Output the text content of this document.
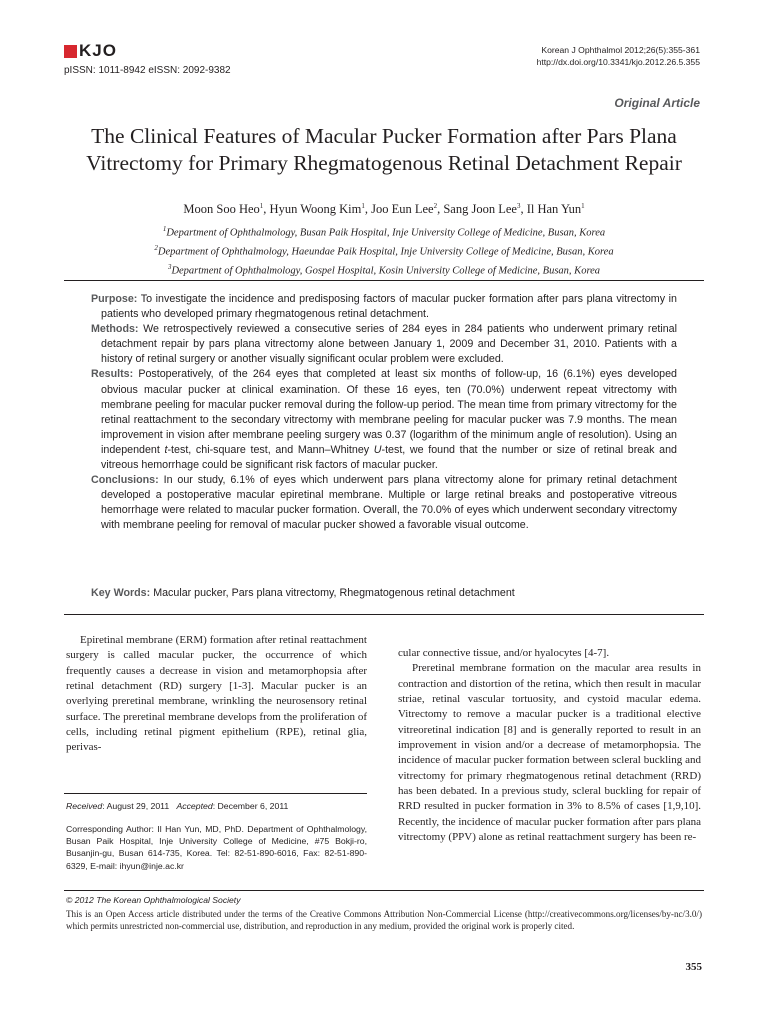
KJO
pISSN: 1011-8942 eISSN: 2092-9382
Korean J Ophthalmol 2012;26(5):355-361
http://dx.doi.org/10.3341/kjo.2012.26.5.355
Original Article
The Clinical Features of Macular Pucker Formation after Pars Plana
Vitrectomy for Primary Rhegmatogenous Retinal Detachment Repair
Moon Soo Heo$^1$, Hyun Woong Kim$^1$, Joo Eun Lee$^2$, Sang Joon Lee$^3$, Il Han Yun$^1$
$^1$Department of Ophthalmology, Busan Paik Hospital, Inje University College of Medicine, Busan, Korea
$^2$Department of Ophthalmology, Haeundae Paik Hospital, Inje University College of Medicine, Busan, Korea
$^3$Department of Ophthalmology, Gospel Hospital, Kosin University College of Medicine, Busan, Korea

Purpose: To investigate the incidence and predisposing factors of macular pucker formation after pars plana vitrectomy in patients who developed primary rhegmatogenous retinal detachment.

Methods: We retrospectively reviewed a consecutive series of 284 eyes in 284 patients who underwent primary retinal detachment repair by pars plana vitrectomy alone between January 1, 2009 and December 31, 2010. Patients with a history of retinal surgery or another visually significant ocular problem were excluded.

Results: Postoperatively, of the 264 eyes that completed at least six months of follow-up, 16 (6.1%) eyes developed obvious macular pucker at clinical examination. Of these 16 eyes, ten (70.0%) underwent repeat vitrectomy with membrane peeling for macular pucker removal during the follow-up period. The mean time from primary vitrectomy for the retinal reattachment to the secondary vitrectomy with membrane peeling for macular pucker was 7.9 months. The mean improvement in vision after membrane peeling surgery was 0.37 (logarithm of the minimum angle of resolution). Using an independent t-test, chi-square test, and Mann–Whitney U-test, we found that the number or size of retinal break and vitreous hemorrhage could be significant risk factors of macular pucker.

Conclusions: In our study, 6.1% of eyes which underwent pars plana vitrectomy alone for primary retinal detachment developed a postoperative macular epiretinal membrane. Multiple or large retinal breaks and postoperative vitreous hemorrhage were related to macular pucker formation. Overall, the 70.0% of eyes which underwent secondary vitrectomy with membrane peeling for removal of macular pucker showed a favorable visual outcome.

Key Words: Macular pucker, Pars plana vitrectomy, Rhegmatogenous retinal detachment

Epiretinal membrane (ERM) formation after retinal reattachment surgery is called macular pucker, the occurrence of which frequently causes a decrease in vision and metamorphopsia after retinal detachment (RD) surgery [1-3]. Macular pucker is an overlying preretinal membrane, wrinkling the neurosensory retinal surface. The preretinal membrane develops from the proliferation of cells, including retinal pigment epithelium (RPE), retinal glia, perivas-

cular connective tissue, and/or hyalocytes [4-7].

Preretinal membrane formation on the macular area results in contraction and distortion of the retina, which then result in macular striae, retinal vascular tortuosity, and cystoid macular edema. Vitrectomy to remove a macular pucker is a traditional elective vitreoretinal indication [8] and is generally reported to result in an improvement in vision and/or a decrease of metamorphopsia. The incidence of macular pucker formation between scleral buckling and vitrectomy for primary rhegmatogenous retinal detachment (RRD) has been debated. In a previous study, scleral buckling for repair of RRD resulted in pucker formation in 3% to 8.5% of cases [1,9,10]. Recently, the incidence of macular pucker formation after pars plana vitrectomy (PPV) alone as retinal reattachment surgery has been re-

Received: August 29, 2011 Accepted: December 6, 2011
Corresponding Author: Il Han Yun, MD, PhD. Department of Ophthalmology, Busan Paik Hospital, Inje University College of Medicine, #75 Bokji-ro, Busanjin-gu, Busan 614-735, Korea. Tel: 82-51-890-6016, Fax: 82-51-890-6329, E-mail: ihyun@inje.ac.kr
© 2012 The Korean Ophthalmological Society
This is an Open Access article distributed under the terms of the Creative Commons Attribution Non-Commercial License (http://creativecommons.org/licenses/by-nc/3.0/) which permits unrestricted non-commercial use, distribution, and reproduction in any medium, provided the original work is properly cited.
355
